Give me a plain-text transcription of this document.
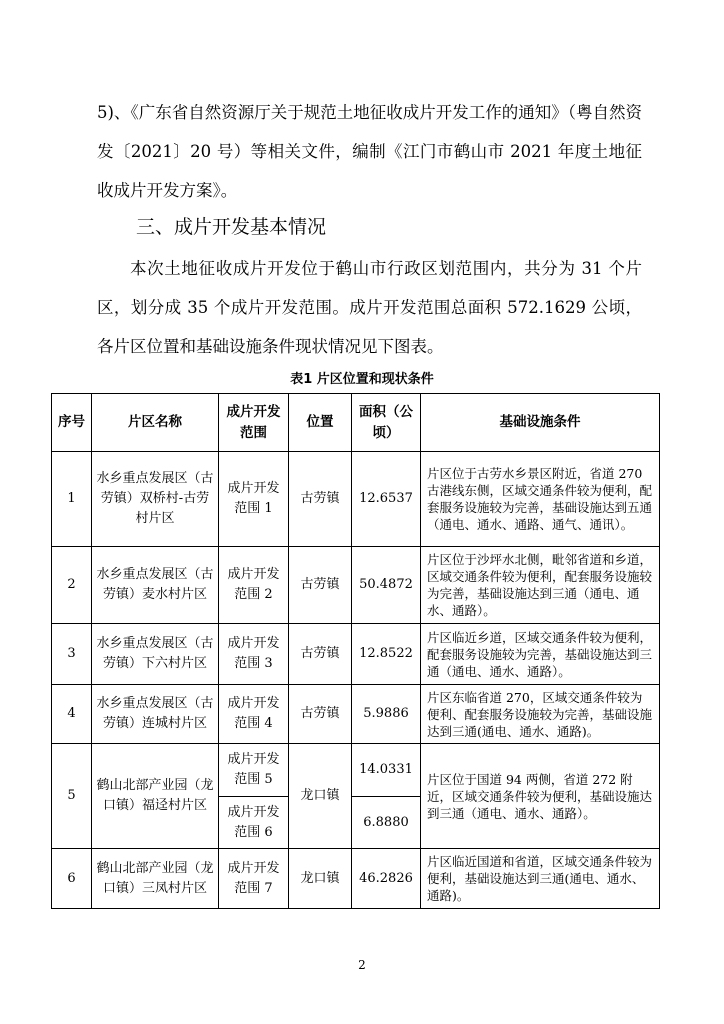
5)、《广东省自然资源厅关于规范土地征收成片开发工作的通知》（粤自然资发〔2021〕20 号）等相关文件，编制《江门市鹤山市 2021 年度土地征收成片开发方案》。

三、成片开发基本情况

本次土地征收成片开发位于鹤山市行政区划范围内，共分为 31 个片区，划分成 35 个成片开发范围。成片开发范围总面积 572.1629 公顷，各片区位置和基础设施条件现状情况见下图表。

表1 片区位置和现状条件
序号	片区名称	成片开发范围	位置	面积（公顷）	基础设施条件
1	水乡重点发展区（古劳镇）双桥村-古劳村片区	成片开发范围 1	古劳镇	12.6537	片区位于古劳水乡景区附近，省道 270 古港线东侧，区域交通条件较为便利，配套服务设施较为完善，基础设施达到五通（通电、通水、通路、通气、通讯）。
2	水乡重点发展区（古劳镇）麦水村片区	成片开发范围 2	古劳镇	50.4872	片区位于沙坪水北侧，毗邻省道和乡道，区域交通条件较为便利，配套服务设施较为完善，基础设施达到三通（通电、通水、通路）。
3	水乡重点发展区（古劳镇）下六村片区	成片开发范围 3	古劳镇	12.8522	片区临近乡道，区域交通条件较为便利，配套服务设施较为完善，基础设施达到三通（通电、通水、通路）。
4	水乡重点发展区（古劳镇）连城村片区	成片开发范围 4	古劳镇	5.9886	片区东临省道 270，区域交通条件较为便利、配套服务设施较为完善，基础设施达到三通(通电、通水、通路)。
5	鹤山北部产业园（龙口镇）福迳村片区	成片开发范围 5	龙口镇	14.0331	片区位于国道 94 两侧，省道 272 附近，区域交通条件较为便利，基础设施达到三通（通电、通水、通路）。
		成片开发范围 6		6.8880	
6	鹤山北部产业园（龙口镇）三凤村片区	成片开发范围 7	龙口镇	46.2826	片区临近国道和省道，区域交通条件较为便利，基础设施达到三通(通电、通水、通路)。
2
